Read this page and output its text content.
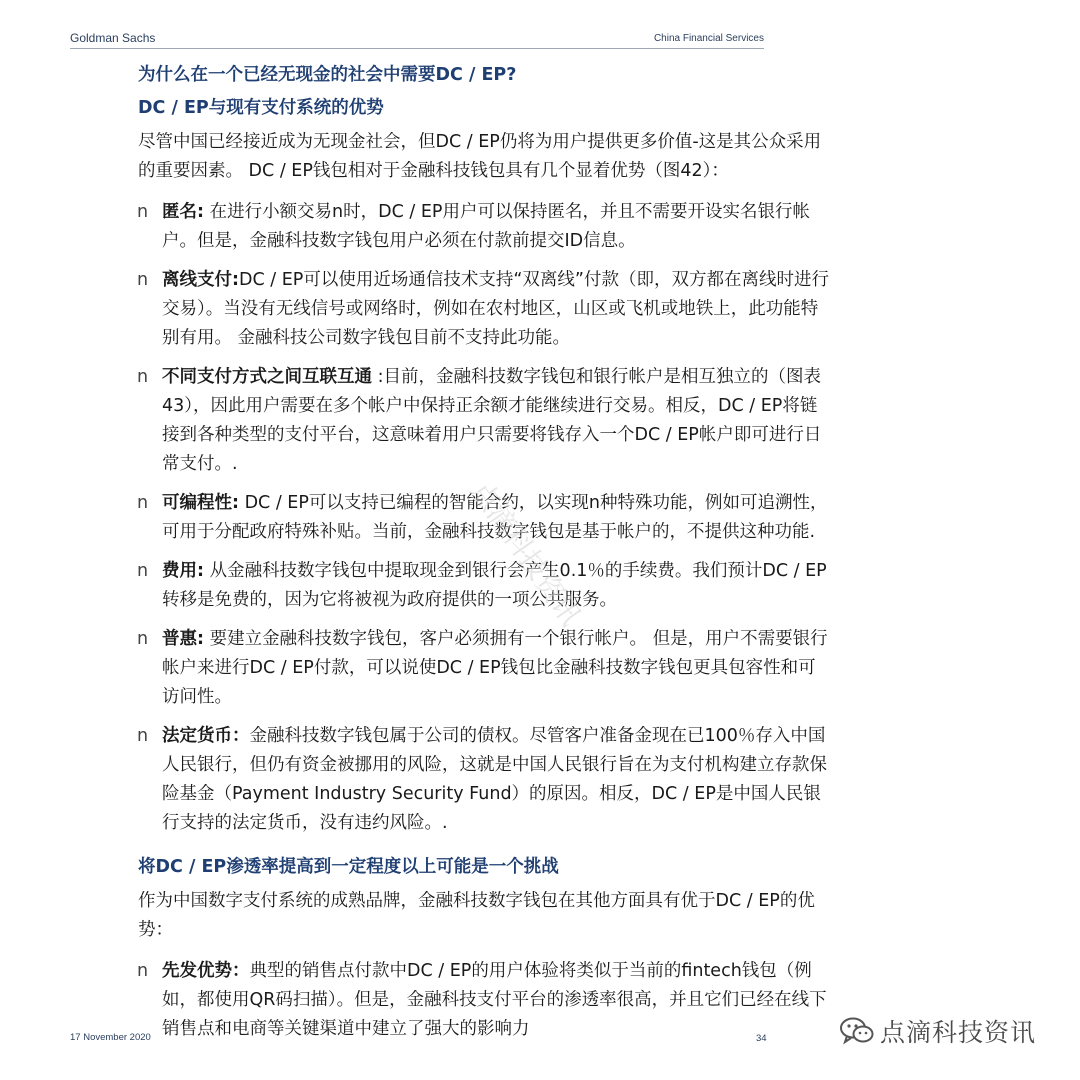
Goldman Sachs	China Financial Services
为什么在一个已经无现金的社会中需要DC / EP?
DC / EP与现有支付系统的优势

尽管中国已经接近成为无现金社会，但DC / EP仍将为用户提供更多价值-这是其公众采用的重要因素。 DC / EP钱包相对于金融科技钱包具有几个显着优势（图42）：

n 匿名: 在进行小额交易n时，DC / EP用户可以保持匿名，并且不需要开设实名银行帐户。但是，金融科技数字钱包用户必须在付款前提交ID信息。
n 离线支付:DC / EP可以使用近场通信技术支持“双离线”付款（即，双方都在离线时进行交易）。当没有无线信号或网络时，例如在农村地区，山区或飞机或地铁上，此功能特别有用。 金融科技公司数字钱包目前不支持此功能。
n 不同支付方式之间互联互通 :目前，金融科技数字钱包和银行帐户是相互独立的（图表43），因此用户需要在多个帐户中保持正余额才能继续进行交易。相反，DC / EP将链接到各种类型的支付平台，这意味着用户只需要将钱存入一个DC / EP帐户即可进行日常支付。.
n 可编程性: DC / EP可以支持已编程的智能合约，以实现n种特殊功能，例如可追溯性，可用于分配政府特殊补贴。当前，金融科技数字钱包是基于帐户的，不提供这种功能.
n 费用: 从金融科技数字钱包中提取现金到银行会产生0.1％的手续费。我们预计DC / EP转移是免费的，因为它将被视为政府提供的一项公共服务。
n 普惠: 要建立金融科技数字钱包，客户必须拥有一个银行帐户。 但是，用户不需要银行帐户来进行DC / EP付款，可以说使DC / EP钱包比金融科技数字钱包更具包容性和可访问性。
n 法定货币：金融科技数字钱包属于公司的债权。尽管客户准备金现在已100％存入中国人民银行，但仍有资金被挪用的风险，这就是中国人民银行旨在为支付机构建立存款保险基金（Payment Industry Security Fund）的原因。相反，DC / EP是中国人民银行支持的法定货币，没有违约风险。.
将DC / EP渗透率提高到一定程度以上可能是一个挑战

作为中国数字支付系统的成熟品牌，金融科技数字钱包在其他方面具有优于DC / EP的优势：

n 先发优势：典型的销售点付款中DC / EP的用户体验将类似于当前的fintech钱包（例如，都使用QR码扫描）。但是，金融科技支付平台的渗透率很高，并且它们已经在线下销售点和电商等关键渠道中建立了强大的影响力
点滴科技资讯
17 November 2020	34	点滴科技资讯
